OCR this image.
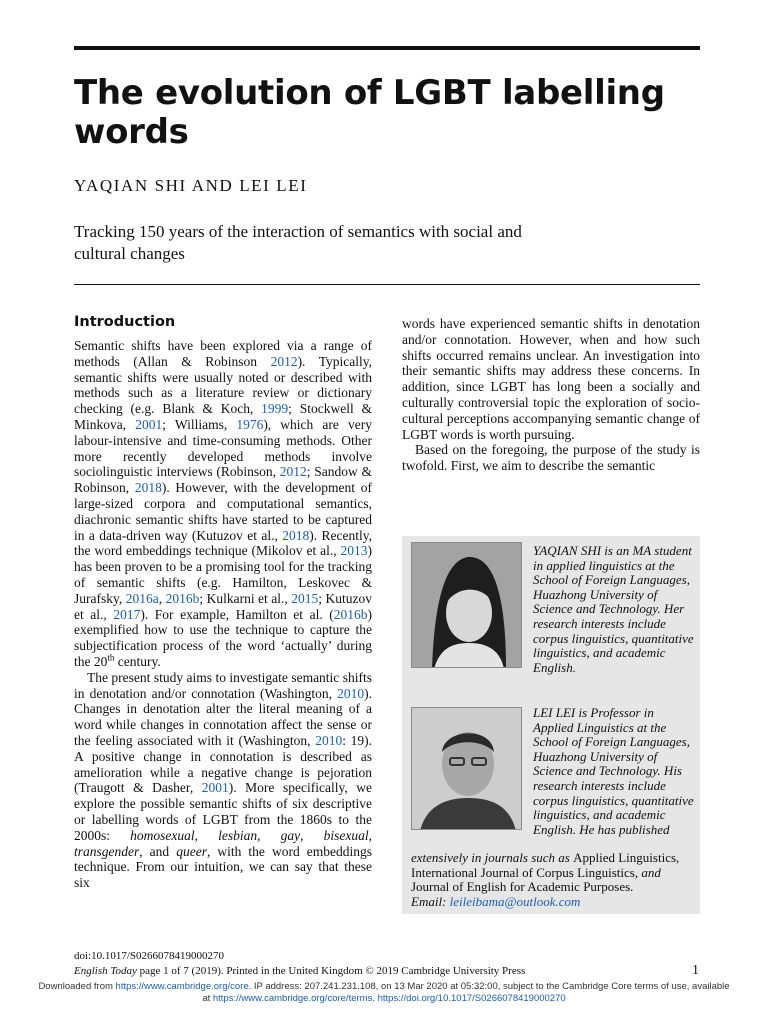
The evolution of LGBT labelling words
YAQIAN SHI AND LEI LEI
Tracking 150 years of the interaction of semantics with social and cultural changes
Introduction

Semantic shifts have been explored via a range of methods (Allan & Robinson 2012). Typically, semantic shifts were usually noted or described with methods such as a literature review or dictionary checking (e.g. Blank & Koch, 1999; Stockwell & Minkova, 2001; Williams, 1976), which are very labour-intensive and time-consuming methods. Other more recently developed methods involve sociolinguistic interviews (Robinson, 2012; Sandow & Robinson, 2018). However, with the development of large-sized corpora and computational semantics, diachronic semantic shifts have started to be captured in a data-driven way (Kutuzov et al., 2018). Recently, the word embeddings technique (Mikolov et al., 2013) has been proven to be a promising tool for the tracking of semantic shifts (e.g. Hamilton, Leskovec & Jurafsky, 2016a, 2016b; Kulkarni et al., 2015; Kutuzov et al., 2017). For example, Hamilton et al. (2016b) exemplified how to use the technique to capture the subjectification process of the word ‘actually’ during the 20th century.

The present study aims to investigate semantic shifts in denotation and/or connotation (Washington, 2010). Changes in denotation alter the literal meaning of a word while changes in connotation affect the sense or the feeling associated with it (Washington, 2010: 19). A positive change in connotation is described as amelioration while a negative change is pejoration (Traugott & Dasher, 2001). More specifically, we explore the possible semantic shifts of six descriptive or labelling words of LGBT from the 1860s to the 2000s: homosexual, lesbian, gay, bisexual, transgender, and queer, with the word embeddings technique. From our intuition, we can say that these six

words have experienced semantic shifts in denotation and/or connotation. However, when and how such shifts occurred remains unclear. An investigation into their semantic shifts may address these concerns. In addition, since LGBT has long been a socially and culturally controversial topic the exploration of socio-cultural perceptions accompanying semantic change of LGBT words is worth pursuing.

Based on the foregoing, the purpose of the study is twofold. First, we aim to describe the semantic

YAQIAN SHI is an MA student in applied linguistics at the School of Foreign Languages, Huazhong University of Science and Technology. Her research interests include corpus linguistics, quantitative linguistics, and academic English.
LEI LEI is Professor in Applied Linguistics at the School of Foreign Languages, Huazhong University of Science and Technology. His research interests include corpus linguistics, quantitative linguistics, and academic English. He has published
extensively in journals such as Applied Linguistics, International Journal of Corpus Linguistics, and Journal of English for Academic Purposes.
Email: leileibama@outlook.com
doi:10.1017/S0266078419000270
English Today page 1 of 7 (2019). Printed in the United Kingdom © 2019 Cambridge University Press	1
Downloaded from https://www.cambridge.org/core. IP address: 207.241.231.108, on 13 Mar 2020 at 05:32:00, subject to the Cambridge Core terms of use, available
at https://www.cambridge.org/core/terms. https://doi.org/10.1017/S0266078419000270
